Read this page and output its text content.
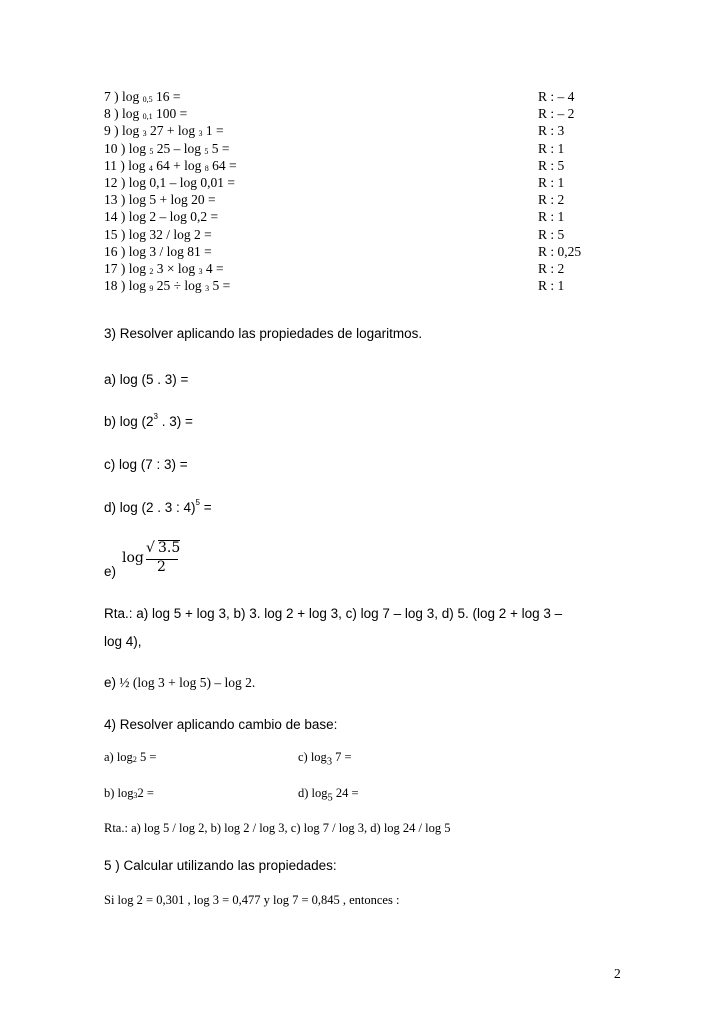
7 ) log $_{0,5}$ 16 =	R : – 4
8 ) log $_{0,1}$ 100 =	R : – 2
9 ) log $_3$ 27 + log $_3$ 1 =	R : 3
10 ) log $_5$ 25 – log $_5$ 5 =	R : 1
11 ) log $_4$ 64 + log $_8$ 64 =	R : 5
12 ) log 0,1 – log 0,01 =	R : 1
13 ) log 5 + log 20 =	R : 2
14 ) log 2 – log 0,2 =	R : 1
15 ) log 32 / log 2 =	R : 5
16 ) log 3 / log 81 =	R : 0,25
17 ) log $_2$ 3 × log $_3$ 4 =	R : 2
18 ) log $_9$ 25 ÷ log $_3$ 5 =	R : 1
3) Resolver aplicando las propiedades de logaritmos.
a) log (5 . 3) =
b) $\log (2^3$ . 3) =
c) log (7 : 3) =
d) log (2 . 3 : 4)$^5$ =
log
√ 3.5
2
e)
Rta.: a) log 5 + log 3, b) 3. log 2 + log 3, c) log 7 – log 3, d) 5. (log 2 + log 3 –
log 4),
e) ½ (log 3 + log 5) – log 2.
4) Resolver aplicando cambio de base:
a) $\log_2 5$ =	c) $\log_3 7$ =
b) $\log_32$ =	d) $\log_5 24$ =
Rta.: a) log 5 / log 2, b) log 2 / log 3, c) log 7 / log 3, d) log 24 / log 5
5 ) Calcular utilizando las propiedades:
Si log 2 = 0,301 , log 3 = 0,477 y log 7 = 0,845 , entonces :
2
